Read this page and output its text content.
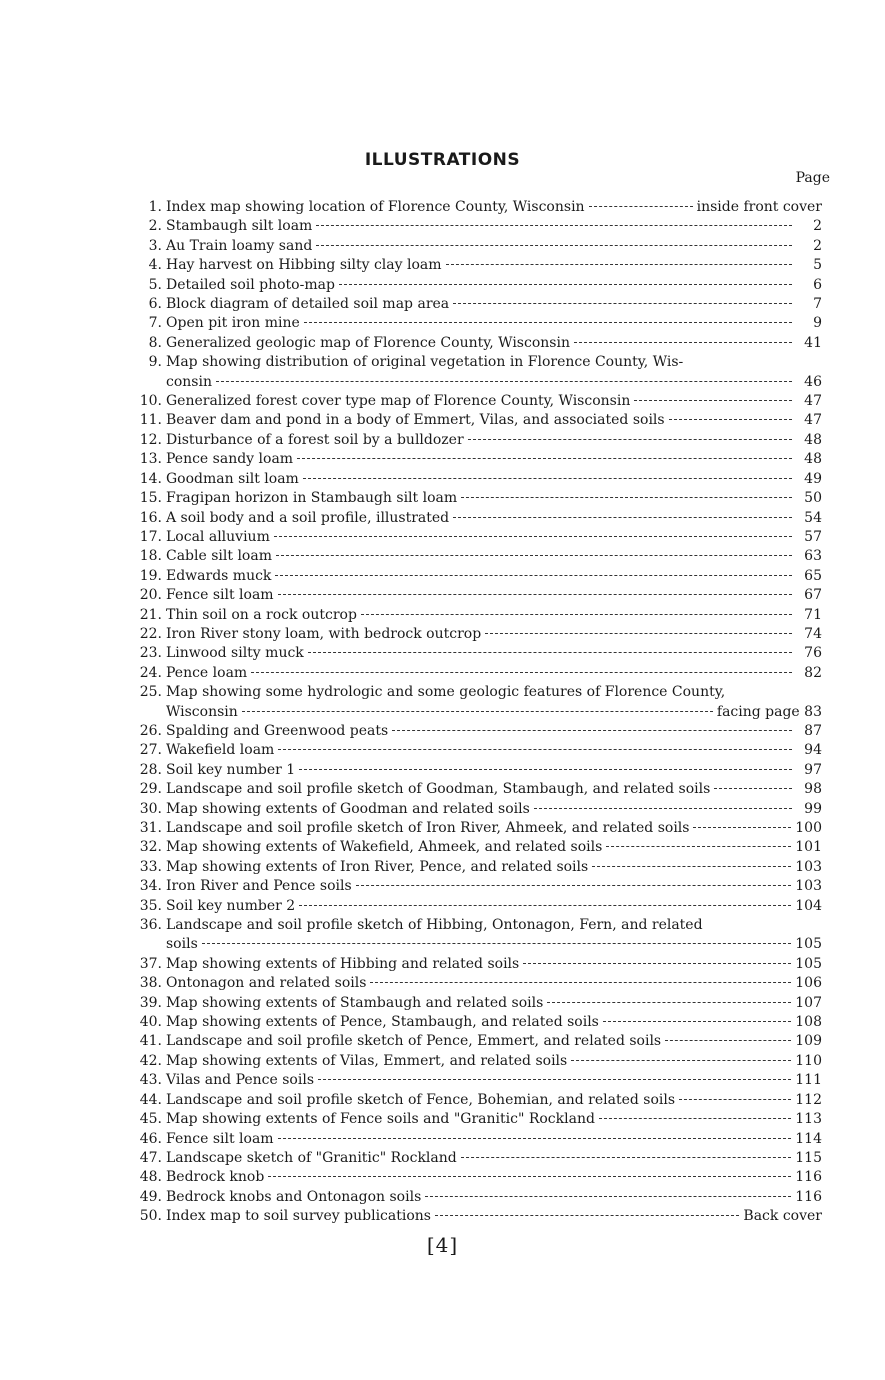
ILLUSTRATIONS
Page
1. Index map showing location of Florence County, Wisconsin	inside front cover
2. Stambaugh silt loam	2
3. Au Train loamy sand	2
4. Hay harvest on Hibbing silty clay loam	5
5. Detailed soil photo-map	6
6. Block diagram of detailed soil map area	7
7. Open pit iron mine	9
8. Generalized geologic map of Florence County, Wisconsin	41
9. Map showing distribution of original vegetation in Florence County, Wis-
consin	46
10. Generalized forest cover type map of Florence County, Wisconsin	47
11. Beaver dam and pond in a body of Emmert, Vilas, and associated soils	47
12. Disturbance of a forest soil by a bulldozer	48
13. Pence sandy loam	48
14. Goodman silt loam	49
15. Fragipan horizon in Stambaugh silt loam	50
16. A soil body and a soil profile, illustrated	54
17. Local alluvium	57
18. Cable silt loam	63
19. Edwards muck	65
20. Fence silt loam	67
21. Thin soil on a rock outcrop	71
22. Iron River stony loam, with bedrock outcrop	74
23. Linwood silty muck	76
24. Pence loam	82
25. Map showing some hydrologic and some geologic features of Florence County,
Wisconsin	facing page 83
26. Spalding and Greenwood peats	87
27. Wakefield loam	94
28. Soil key number 1	97
29. Landscape and soil profile sketch of Goodman, Stambaugh, and related soils	98
30. Map showing extents of Goodman and related soils	99
31. Landscape and soil profile sketch of Iron River, Ahmeek, and related soils	100
32. Map showing extents of Wakefield, Ahmeek, and related soils	101
33. Map showing extents of Iron River, Pence, and related soils	103
34. Iron River and Pence soils	103
35. Soil key number 2	104
36. Landscape and soil profile sketch of Hibbing, Ontonagon, Fern, and related
soils	105
37. Map showing extents of Hibbing and related soils	105
38. Ontonagon and related soils	106
39. Map showing extents of Stambaugh and related soils	107
40. Map showing extents of Pence, Stambaugh, and related soils	108
41. Landscape and soil profile sketch of Pence, Emmert, and related soils	109
42. Map showing extents of Vilas, Emmert, and related soils	110
43. Vilas and Pence soils	111
44. Landscape and soil profile sketch of Fence, Bohemian, and related soils	112
45. Map showing extents of Fence soils and "Granitic" Rockland	113
46. Fence silt loam	114
47. Landscape sketch of "Granitic" Rockland	115
48. Bedrock knob	116
49. Bedrock knobs and Ontonagon soils	116
50. Index map to soil survey publications	Back cover
[4]
